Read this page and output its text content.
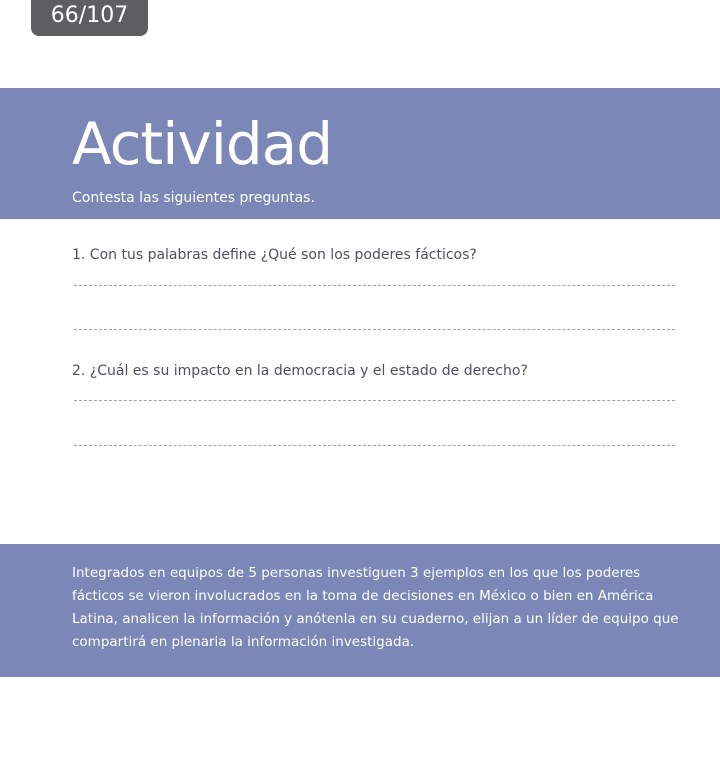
66/107
Actividad

Contesta las siguientes preguntas.

1. Con tus palabras define ¿Qué son los poderes fácticos?

2. ¿Cuál es su impacto en la democracia y el estado de derecho?

Integrados en equipos de 5 personas investiguen 3 ejemplos en los que los poderes fácticos se vieron involucrados en la toma de decisiones en México o bien en América Latina, analicen la información y anótenla en su cuaderno, elijan a un líder de equipo que compartirá en plenaria la información investigada.
